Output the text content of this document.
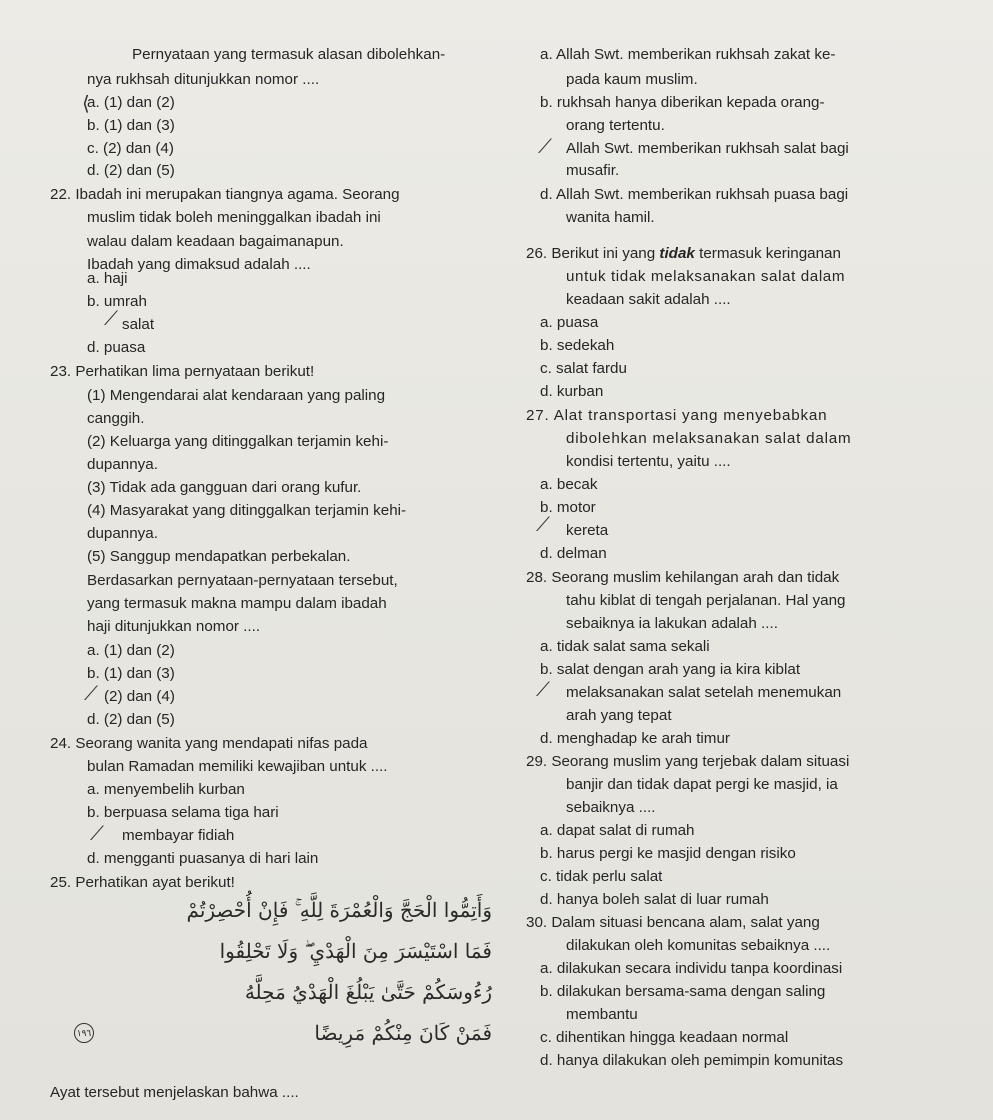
Pernyataan yang termasuk alasan dibolehkan-
nya rukhsah ditunjukkan nomor ....
⟨
a. (1) dan (2)
b. (1) dan (3)
c. (2) dan (4)
d. (2) dan (5)
22. Ibadah ini merupakan tiangnya agama. Seorang
muslim tidak boleh meninggalkan ibadah ini
walau dalam keadaan bagaimanapun.
Ibadah yang dimaksud adalah ....
a. haji
b. umrah
⟋ salat
d. puasa
23. Perhatikan lima pernyataan berikut!
(1) Mengendarai alat kendaraan yang paling
canggih.
(2) Keluarga yang ditinggalkan terjamin kehi-
dupannya.
(3) Tidak ada gangguan dari orang kufur.
(4) Masyarakat yang ditinggalkan terjamin kehi-
dupannya.
(5) Sanggup mendapatkan perbekalan.
Berdasarkan pernyataan-pernyataan tersebut,
yang termasuk makna mampu dalam ibadah
haji ditunjukkan nomor ....
a. (1) dan (2)
b. (1) dan (3)
⟋ (2) dan (4)
d. (2) dan (5)
24. Seorang wanita yang mendapati nifas pada
bulan Ramadan memiliki kewajiban untuk ....
a. menyembelih kurban
b. berpuasa selama tiga hari
⟋ membayar fidiah
d. mengganti puasanya di hari lain
25. Perhatikan ayat berikut!
وَأَتِمُّوا الْحَجَّ وَالْعُمْرَةَ لِلَّهِ ۚ فَإِنْ أُحْصِرْتُمْ
فَمَا اسْتَيْسَرَ مِنَ الْهَدْيِ ۖ وَلَا تَحْلِقُوا
رُءُوسَكُمْ حَتَّىٰ يَبْلُغَ الْهَدْيُ مَحِلَّهُ
فَمَنْ كَانَ مِنْكُمْ مَرِيضًا
١٩٦
Ayat tersebut menjelaskan bahwa ....
a. Allah Swt. memberikan rukhsah zakat ke-
pada kaum muslim.
b. rukhsah hanya diberikan kepada orang-
orang tertentu.
⟋ Allah Swt. memberikan rukhsah salat bagi
musafir.
d. Allah Swt. memberikan rukhsah puasa bagi
wanita hamil.
26. Berikut ini yang tidak termasuk keringanan
untuk tidak melaksanakan salat dalam
keadaan sakit adalah ....
a. puasa
b. sedekah
c. salat fardu
d. kurban
27. Alat transportasi yang menyebabkan
dibolehkan melaksanakan salat dalam
kondisi tertentu, yaitu ....
a. becak
b. motor
⟋ kereta
d. delman
28. Seorang muslim kehilangan arah dan tidak
tahu kiblat di tengah perjalanan. Hal yang
sebaiknya ia lakukan adalah ....
a. tidak salat sama sekali
b. salat dengan arah yang ia kira kiblat
⟋ melaksanakan salat setelah menemukan
arah yang tepat
d. menghadap ke arah timur
29. Seorang muslim yang terjebak dalam situasi
banjir dan tidak dapat pergi ke masjid, ia
sebaiknya ....
a. dapat salat di rumah
b. harus pergi ke masjid dengan risiko
c. tidak perlu salat
d. hanya boleh salat di luar rumah
30. Dalam situasi bencana alam, salat yang
dilakukan oleh komunitas sebaiknya ....
a. dilakukan secara individu tanpa koordinasi
b. dilakukan bersama-sama dengan saling
membantu
c. dihentikan hingga keadaan normal
d. hanya dilakukan oleh pemimpin komunitas
